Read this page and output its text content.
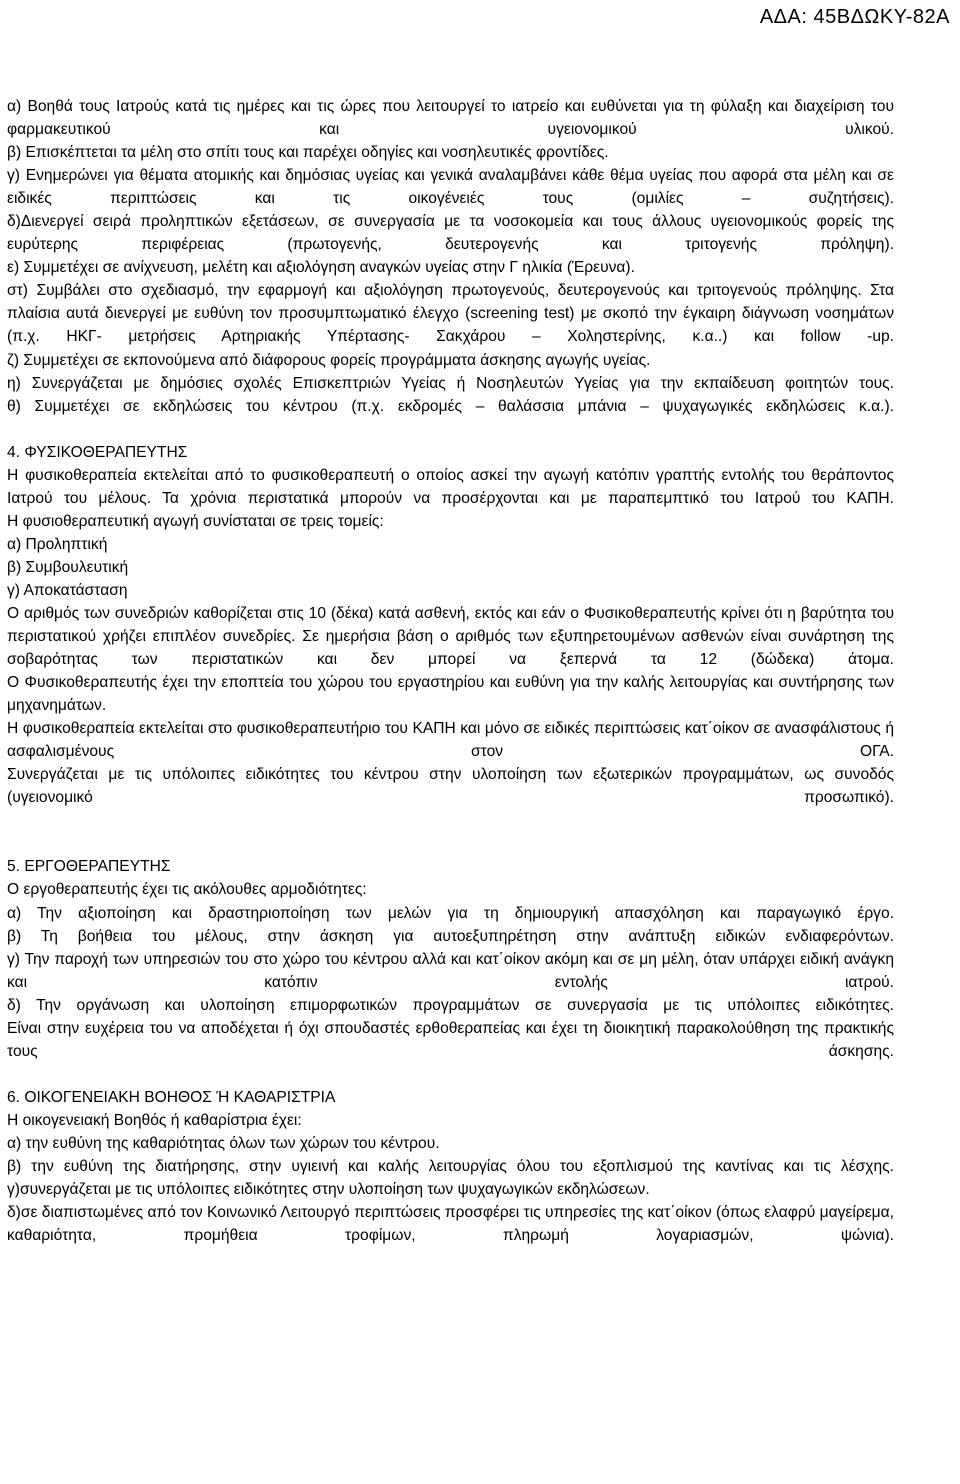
ΑΔΑ: 45ΒΔΩΚΥ-82Α

α) Βοηθά τους Ιατρούς κατά τις ημέρες και τις ώρες που λειτουργεί το ιατρείο και ευθύνεται για τη φύλαξη και διαχείριση του φαρμακευτικού και υγειονομικού υλικού.

β) Επισκέπτεται τα μέλη στο σπίτι τους και παρέχει οδηγίες και νοσηλευτικές φροντίδες.

γ) Ενημερώνει για θέματα ατομικής και δημόσιας υγείας και γενικά αναλαμβάνει κάθε θέμα υγείας που αφορά στα μέλη και σε ειδικές περιπτώσεις και τις οικογένειές τους (ομιλίες – συζητήσεις).

δ)Διενεργεί σειρά προληπτικών εξετάσεων, σε συνεργασία με τα νοσοκομεία και τους άλλους υγειονομικούς φορείς της ευρύτερης περιφέρειας (πρωτογενής, δευτερογενής και τριτογενής πρόληψη).

ε) Συμμετέχει σε ανίχνευση, μελέτη και αξιολόγηση αναγκών υγείας στην Γ ηλικία (Έρευνα).

στ) Συμβάλει στο σχεδιασμό, την εφαρμογή και αξιολόγηση πρωτογενούς, δευτερογενούς και τριτογενούς πρόληψης. Στα πλαίσια αυτά διενεργεί με ευθύνη τον προσυμπτωματικό έλεγχο (screening test) με σκοπό την έγκαιρη διάγνωση νοσημάτων (π.χ. ΗΚΓ- μετρήσεις Αρτηριακής Υπέρτασης- Σακχάρου – Χοληστερίνης, κ.α..) και follow -up.

ζ) Συμμετέχει σε εκπονούμενα από διάφορους φορείς προγράμματα άσκησης αγωγής υγείας.

η) Συνεργάζεται με δημόσιες σχολές Επισκεπτριών Υγείας ή Νοσηλευτών Υγείας για την εκπαίδευση φοιτητών τους.

θ) Συμμετέχει σε εκδηλώσεις του κέντρου (π.χ. εκδρομές – θαλάσσια μπάνια – ψυχαγωγικές εκδηλώσεις κ.α.).

4. ΦΥΣΙΚΟΘΕΡΑΠΕΥΤΗΣ

Η φυσικοθεραπεία εκτελείται από το φυσικοθεραπευτή ο οποίος ασκεί την αγωγή κατόπιν γραπτής εντολής του θεράποντος Ιατρού του μέλους. Τα χρόνια περιστατικά μπορούν να προσέρχονται και με παραπεμπτικό του Ιατρού του ΚΑΠΗ.

Η φυσιοθεραπευτική αγωγή συνίσταται σε τρεις τομείς:

α) Προληπτική

β) Συμβουλευτική

γ) Αποκατάσταση

Ο αριθμός των συνεδριών καθορίζεται στις 10 (δέκα) κατά ασθενή, εκτός και εάν ο Φυσικοθεραπευτής κρίνει ότι η βαρύτητα του περιστατικού χρήζει επιπλέον συνεδρίες. Σε ημερήσια βάση ο αριθμός των εξυπηρετουμένων ασθενών είναι συνάρτηση της σοβαρότητας των περιστατικών και δεν μπορεί να ξεπερνά τα 12 (δώδεκα) άτομα.

Ο Φυσικοθεραπευτής έχει την εποπτεία του χώρου του εργαστηρίου και ευθύνη για την καλής λειτουργίας και συντήρησης των μηχανημάτων.

Η φυσικοθεραπεία εκτελείται στο φυσικοθεραπευτήριο του ΚΑΠΗ και μόνο σε ειδικές περιπτώσεις κατ΄οίκον σε ανασφάλιστους ή ασφαλισμένους στον ΟΓΑ.

Συνεργάζεται με τις υπόλοιπες ειδικότητες του κέντρου στην υλοποίηση των εξωτερικών προγραμμάτων, ως συνοδός (υγειονομικό προσωπικό).

5. ΕΡΓΟΘΕΡΑΠΕΥΤΗΣ

Ο εργοθεραπευτής έχει τις ακόλουθες αρμοδιότητες:

α) Την αξιοποίηση και δραστηριοποίηση των μελών για τη δημιουργική απασχόληση και παραγωγικό έργο.

β) Τη βοήθεια του μέλους, στην άσκηση για αυτοεξυπηρέτηση στην ανάπτυξη ειδικών ενδιαφερόντων.

γ) Την παροχή των υπηρεσιών του στο χώρο του κέντρου αλλά και κατ΄οίκον ακόμη και σε μη μέλη, όταν υπάρχει ειδική ανάγκη και κατόπιν εντολής ιατρού.

δ) Την οργάνωση και υλοποίηση επιμορφωτικών προγραμμάτων σε συνεργασία με τις υπόλοιπες ειδικότητες.

Είναι στην ευχέρεια του να αποδέχεται ή όχι σπουδαστές ερθοθεραπείας και έχει τη διοικητική παρακολούθηση της πρακτικής τους άσκησης.

6. ΟΙΚΟΓΕΝΕΙΑΚΗ ΒΟΗΘΟΣ Ή ΚΑΘΑΡΙΣΤΡΙΑ

Η οικογενειακή Βοηθός ή καθαρίστρια έχει:

α) την ευθύνη της καθαριότητας όλων των χώρων του κέντρου.

β) την ευθύνη της διατήρησης, στην υγιεινή και καλής λειτουργίας όλου του εξοπλισμού της καντίνας και τις λέσχης.

γ)συνεργάζεται με τις υπόλοιπες ειδικότητες στην υλοποίηση των ψυχαγωγικών εκδηλώσεων.

δ)σε διαπιστωμένες από τον Κοινωνικό Λειτουργό περιπτώσεις προσφέρει τις υπηρεσίες της κατ΄οίκον (όπως ελαφρύ μαγείρεμα, καθαριότητα, προμήθεια τροφίμων, πληρωμή λογαριασμών, ψώνια).
